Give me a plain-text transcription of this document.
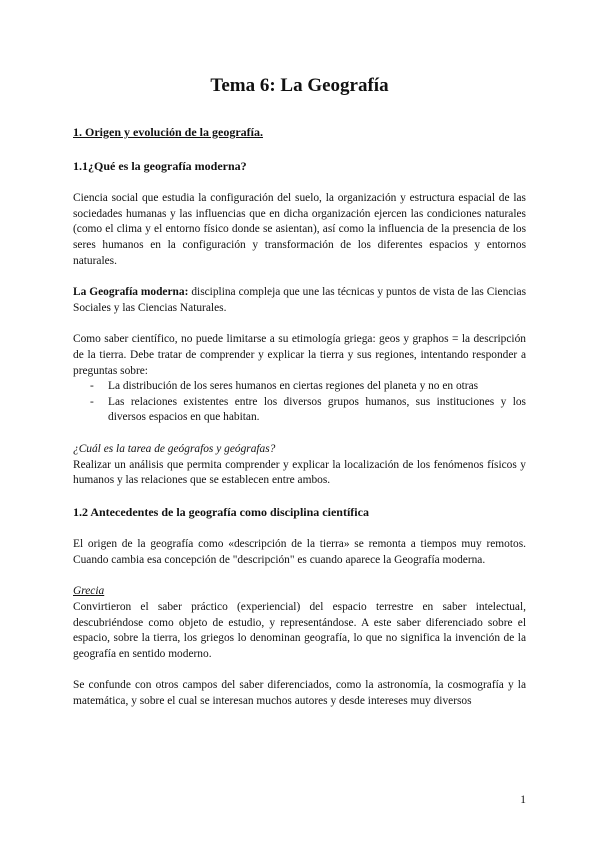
Tema 6: La Geografía
1. Origen y evolución de la geografía.
1.1¿Qué es la geografía moderna?

Ciencia social que estudia la configuración del suelo, la organización y estructura espacial de las sociedades humanas y las influencias que en dicha organización ejercen las condiciones naturales (como el clima y el entorno físico donde se asientan), así como la influencia de la presencia de los seres humanos en la configuración y transformación de los diferentes espacios y entornos naturales.

La Geografía moderna: disciplina compleja que une las técnicas y puntos de vista de las Ciencias Sociales y las Ciencias Naturales.

Como saber científico, no puede limitarse a su etimología griega: geos y graphos = la descripción de la tierra. Debe tratar de comprender y explicar la tierra y sus regiones, intentando responder a preguntas sobre:

- La distribución de los seres humanos en ciertas regiones del planeta y no en otras
- Las relaciones existentes entre los diversos grupos humanos, sus instituciones y los diversos espacios en que habitan.
¿Cuál es la tarea de geógrafos y geógrafas?

Realizar un análisis que permita comprender y explicar la localización de los fenómenos físicos y humanos y las relaciones que se establecen entre ambos.

1.2 Antecedentes de la geografía como disciplina científica

El origen de la geografía como «descripción de la tierra» se remonta a tiempos muy remotos. Cuando cambia esa concepción de "descripción" es cuando aparece la Geografía moderna.

Grecia

Convirtieron el saber práctico (experiencial) del espacio terrestre en saber intelectual, descubriéndose como objeto de estudio, y representándose. A este saber diferenciado sobre el espacio, sobre la tierra, los griegos lo denominan geografía, lo que no significa la invención de la geografía en sentido moderno.

Se confunde con otros campos del saber diferenciados, como la astronomía, la cosmografía y la matemática, y sobre el cual se interesan muchos autores y desde intereses muy diversos

1
